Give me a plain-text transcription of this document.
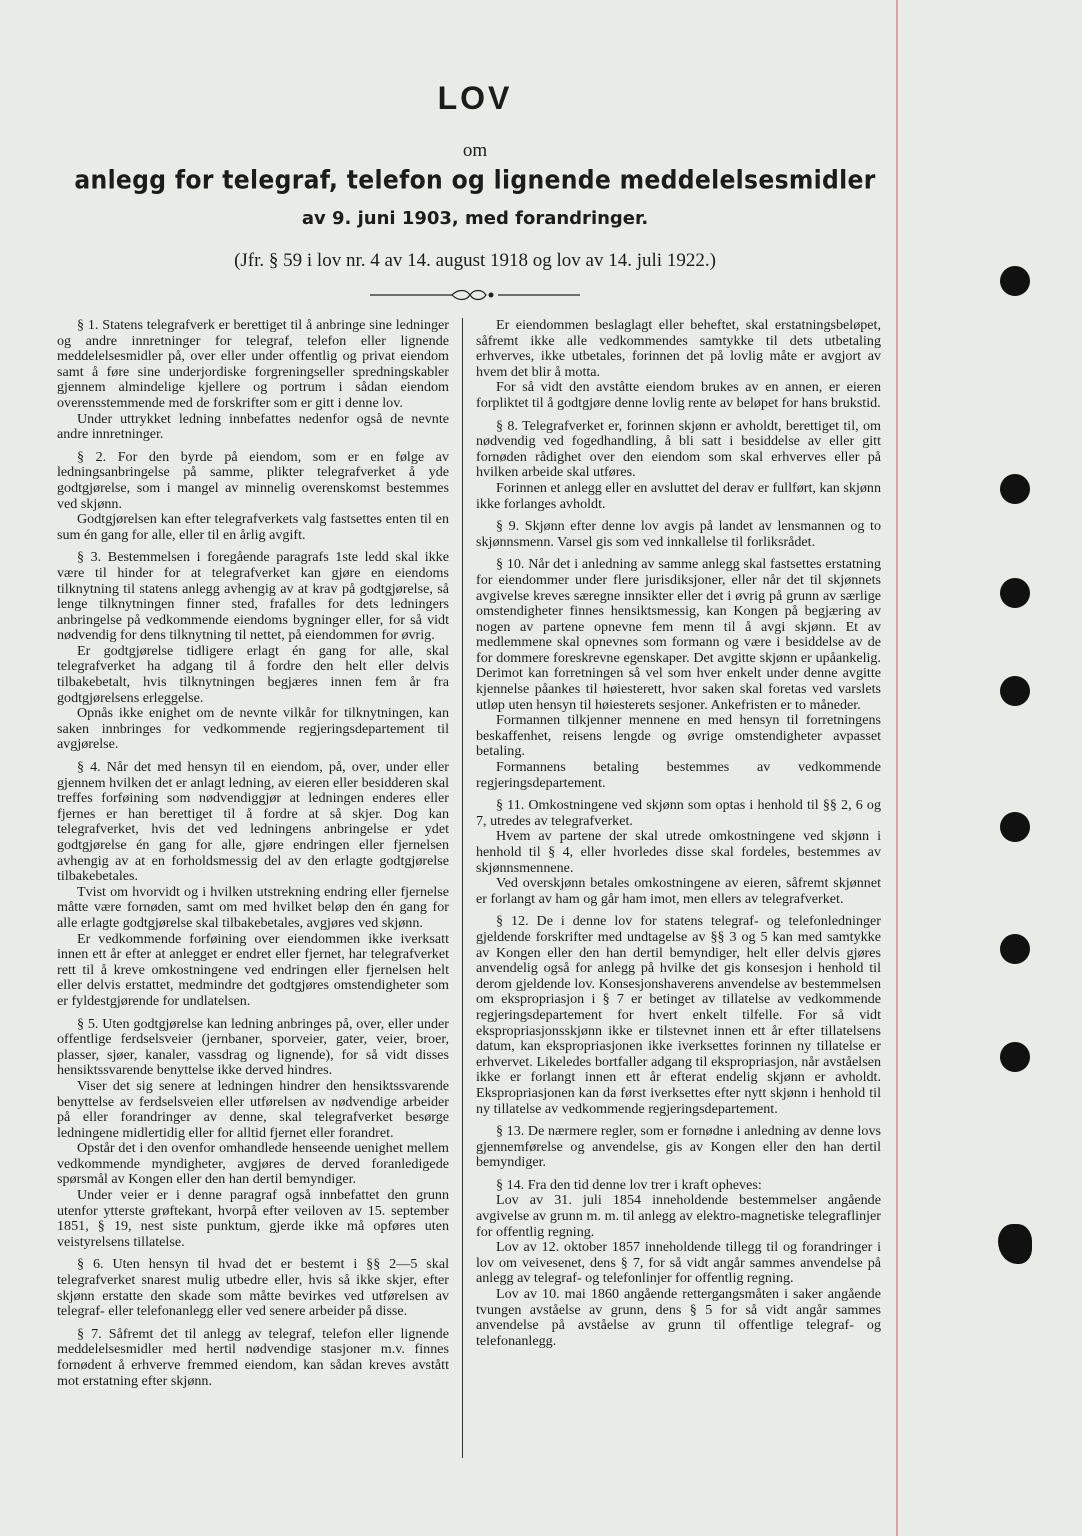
LOV
om
anlegg for telegraf, telefon og lignende meddelelsesmidler
av 9. juni 1903, med forandringer.
(Jfr. § 59 i lov nr. 4 av 14. august 1918 og lov av 14. juli 1922.)

§ 1. Statens telegrafverk er berettiget til å anbringe sine ledninger og andre innretninger for telegraf, telefon eller lignende meddelelsesmidler på, over eller under offentlig og privat eiendom samt å føre sine underjordiske forgreningseller spredningskabler gjennem almindelige kjellere og portrum i sådan eiendom overensstemmende med de forskrifter som er gitt i denne lov.

Under uttrykket ledning innbefattes nedenfor også de nevnte andre innretninger.

§ 2. For den byrde på eiendom, som er en følge av ledningsanbringelse på samme, plikter telegrafverket å yde godtgjørelse, som i mangel av minnelig overenskomst bestemmes ved skjønn.

Godtgjørelsen kan efter telegrafverkets valg fastsettes enten til en sum én gang for alle, eller til en årlig avgift.

§ 3. Bestemmelsen i foregående paragrafs 1ste ledd skal ikke være til hinder for at telegrafverket kan gjøre en eiendoms tilknytning til statens anlegg avhengig av at krav på godtgjørelse, så lenge tilknytningen finner sted, frafalles for dets ledningers anbringelse på vedkommende eiendoms bygninger eller, for så vidt nødvendig for dens tilknytning til nettet, på eiendommen for øvrig.

Er godtgjørelse tidligere erlagt én gang for alle, skal telegrafverket ha adgang til å fordre den helt eller delvis tilbakebetalt, hvis tilknytningen begjæres innen fem år fra godtgjørelsens erleggelse.

Opnås ikke enighet om de nevnte vilkår for tilknytningen, kan saken innbringes for vedkommende regjeringsdepartement til avgjørelse.

§ 4. Når det med hensyn til en eiendom, på, over, under eller gjennem hvilken det er anlagt ledning, av eieren eller besidderen skal treffes forføining som nødvendiggjør at ledningen enderes eller fjernes er han berettiget til å fordre at så skjer. Dog kan telegrafverket, hvis det ved ledningens anbringelse er ydet godtgjørelse én gang for alle, gjøre endringen eller fjernelsen avhengig av at en forholdsmessig del av den erlagte godtgjørelse tilbakebetales.

Tvist om hvorvidt og i hvilken utstrekning endring eller fjernelse måtte være fornøden, samt om med hvilket beløp den én gang for alle erlagte godtgjørelse skal tilbakebetales, avgjøres ved skjønn.

Er vedkommende forføining over eiendommen ikke iverksatt innen ett år efter at anlegget er endret eller fjernet, har telegrafverket rett til å kreve omkostningene ved endringen eller fjernelsen helt eller delvis erstattet, medmindre det godtgjøres omstendigheter som er fyldestgjørende for undlatelsen.

§ 5. Uten godtgjørelse kan ledning anbringes på, over, eller under offentlige ferdselsveier (jernbaner, sporveier, gater, veier, broer, plasser, sjøer, kanaler, vassdrag og lignende), for så vidt disses hensiktssvarende benyttelse ikke derved hindres.

Viser det sig senere at ledningen hindrer den hensiktssvarende benyttelse av ferdselsveien eller utførelsen av nødvendige arbeider på eller forandringer av denne, skal telegrafverket besørge ledningene midlertidig eller for alltid fjernet eller forandret.

Opstår det i den ovenfor omhandlede henseende uenighet mellem vedkommende myndigheter, avgjøres de derved foranledigede spørsmål av Kongen eller den han dertil bemyndiger.

Under veier er i denne paragraf også innbefattet den grunn utenfor ytterste grøftekant, hvorpå efter veiloven av 15. september 1851, § 19, nest siste punktum, gjerde ikke må opføres uten veistyrelsens tillatelse.

§ 6. Uten hensyn til hvad det er bestemt i §§ 2—5 skal telegrafverket snarest mulig utbedre eller, hvis så ikke skjer, efter skjønn erstatte den skade som måtte bevirkes ved utførelsen av telegraf- eller telefonanlegg eller ved senere arbeider på disse.

§ 7. Såfremt det til anlegg av telegraf, telefon eller lignende meddelelsesmidler med hertil nødvendige stasjoner m.v. finnes fornødent å erhverve fremmed eiendom, kan sådan kreves avstått mot erstatning efter skjønn.

Er eiendommen beslaglagt eller beheftet, skal erstatningsbeløpet, såfremt ikke alle vedkommendes samtykke til dets utbetaling erhverves, ikke utbetales, forinnen det på lovlig måte er avgjort av hvem det blir å motta.

For så vidt den avståtte eiendom brukes av en annen, er eieren forpliktet til å godtgjøre denne lovlig rente av beløpet for hans brukstid.

§ 8. Telegrafverket er, forinnen skjønn er avholdt, berettiget til, om nødvendig ved fogedhandling, å bli satt i besiddelse av eller gitt fornøden rådighet over den eiendom som skal erhverves eller på hvilken arbeide skal utføres.

Forinnen et anlegg eller en avsluttet del derav er fullført, kan skjønn ikke forlanges avholdt.

§ 9. Skjønn efter denne lov avgis på landet av lensmannen og to skjønnsmenn. Varsel gis som ved innkallelse til forliksrådet.

§ 10. Når det i anledning av samme anlegg skal fastsettes erstatning for eiendommer under flere jurisdiksjoner, eller når det til skjønnets avgivelse kreves særegne innsikter eller det i øvrig på grunn av særlige omstendigheter finnes hensiktsmessig, kan Kongen på begjæring av nogen av partene opnevne fem menn til å avgi skjønn. Et av medlemmene skal opnevnes som formann og være i besiddelse av de for dommere foreskrevne egenskaper. Det avgitte skjønn er upåankelig. Derimot kan forretningen så vel som hver enkelt under denne avgitte kjennelse påankes til høiesterett, hvor saken skal foretas ved varslets utløp uten hensyn til høiesterets sesjoner. Ankefristen er to måneder.

Formannen tilkjenner mennene en med hensyn til forretningens beskaffenhet, reisens lengde og øvrige omstendigheter avpasset betaling.

Formannens betaling bestemmes av vedkommende regjeringsdepartement.

§ 11. Omkostningene ved skjønn som optas i henhold til §§ 2, 6 og 7, utredes av telegrafverket.

Hvem av partene der skal utrede omkostningene ved skjønn i henhold til § 4, eller hvorledes disse skal fordeles, bestemmes av skjønnsmennene.

Ved overskjønn betales omkostningene av eieren, såfremt skjønnet er forlangt av ham og går ham imot, men ellers av telegrafverket.

§ 12. De i denne lov for statens telegraf- og telefonledninger gjeldende forskrifter med undtagelse av §§ 3 og 5 kan med samtykke av Kongen eller den han dertil bemyndiger, helt eller delvis gjøres anvendelig også for anlegg på hvilke det gis konsesjon i henhold til derom gjeldende lov. Konsesjonshaverens anvendelse av bestemmelsen om ekspropriasjon i § 7 er betinget av tillatelse av vedkommende regjeringsdepartement for hvert enkelt tilfelle. For så vidt ekspropriasjonsskjønn ikke er tilstevnet innen ett år efter tillatelsens datum, kan ekspropriasjonen ikke iverksettes forinnen ny tillatelse er erhvervet. Likeledes bortfaller adgang til ekspropriasjon, når avståelsen ikke er forlangt innen ett år efterat endelig skjønn er avholdt. Ekspropriasjonen kan da først iverksettes efter nytt skjønn i henhold til ny tillatelse av vedkommende regjeringsdepartement.

§ 13. De nærmere regler, som er fornødne i anledning av denne lovs gjennemførelse og anvendelse, gis av Kongen eller den han dertil bemyndiger.

§ 14. Fra den tid denne lov trer i kraft opheves:

Lov av 31. juli 1854 inneholdende bestemmelser angående avgivelse av grunn m. m. til anlegg av elektro-magnetiske telegraflinjer for offentlig regning.

Lov av 12. oktober 1857 inneholdende tillegg til og forandringer i lov om veivesenet, dens § 7, for så vidt angår sammes anvendelse på anlegg av telegraf- og telefonlinjer for offentlig regning.

Lov av 10. mai 1860 angående rettergangsmåten i saker angående tvungen avståelse av grunn, dens § 5 for så vidt angår sammes anvendelse på avståelse av grunn til offentlige telegraf- og telefonanlegg.
